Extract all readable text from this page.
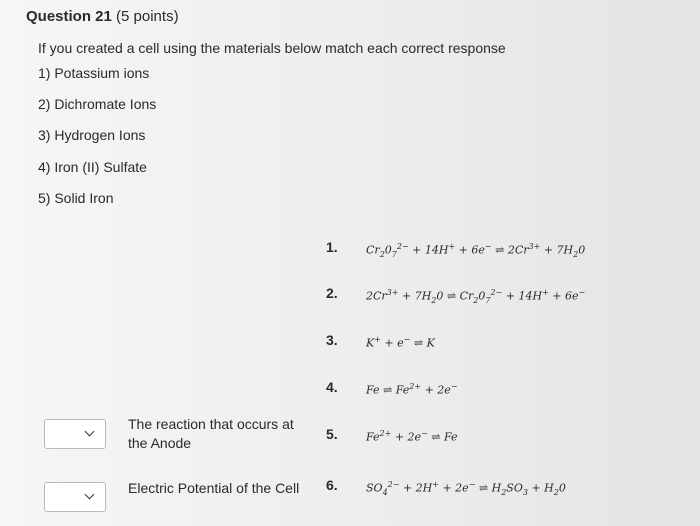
Question 21 (5 points)
If you created a cell using the materials below match each correct response
1) Potassium ions
2) Dichromate Ions
3) Hydrogen Ions
4) Iron (II) Sulfate
5) Solid Iron
1.	$Cr_20_7^{2-} + 14H^+ + 6e^-$ ⇌ $2Cr^{3+} + 7H_20$
2.	$2Cr^{3+} + 7H_20$ ⇌ $Cr_20_7^{2-} + 14H^+ + 6e^-$
3.	K+ + e− ⇌ K
4.	Fe ⇌ $Fe^{2+} + 2e^-$
5.	$Fe^{2+} + 2e^-$ ⇌ Fe
6.	$SO_4^{2-} + 2H^+ + 2e^-$ ⇌ $H_2SO_3 + H_20$
The reaction that occurs at the Anode
Electric Potential of the Cell
